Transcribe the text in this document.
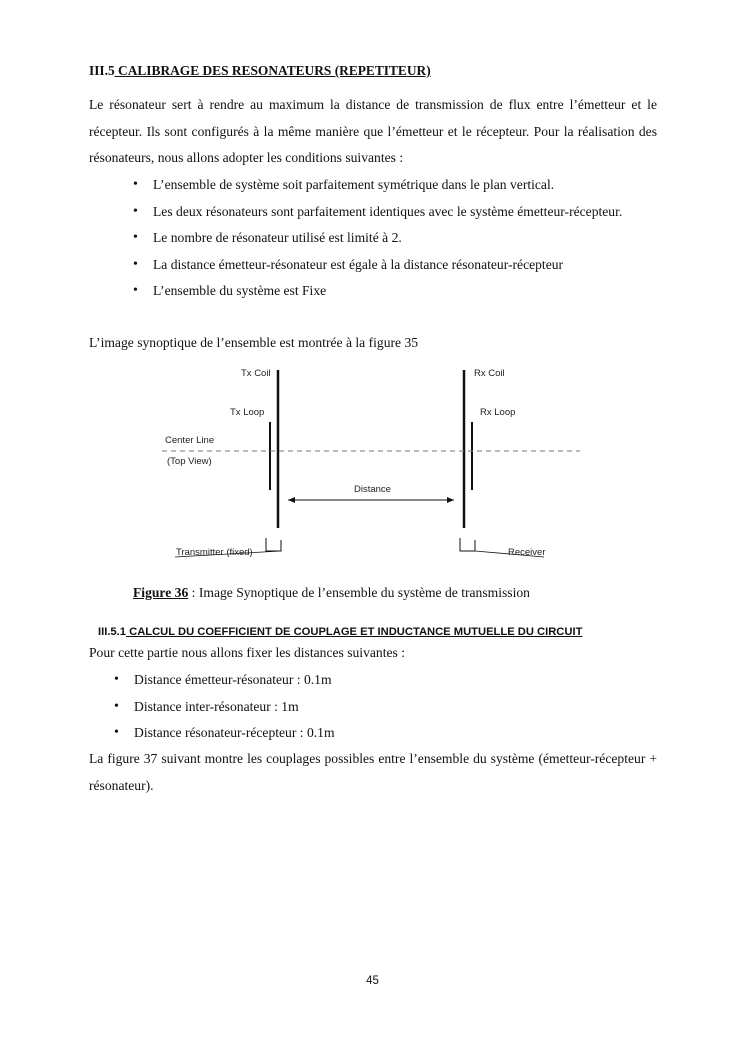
III.5 CALIBRAGE DES RESONATEURS (REPETITEUR)
Le résonateur sert à rendre au maximum la distance de transmission de flux entre l’émetteur et le récepteur. Ils sont configurés à la même manière que l’émetteur et le récepteur. Pour la réalisation des résonateurs, nous allons adopter les conditions suivantes :
• L’ensemble de système soit parfaitement symétrique dans le plan vertical.
• Les deux résonateurs sont parfaitement identiques avec le système émetteur-récepteur.
• Le nombre de résonateur utilisé est limité à 2.
• La distance émetteur-résonateur est égale à la distance résonateur-récepteur
• L’ensemble du système est Fixe
L’image synoptique de l’ensemble est montrée à la figure 35
Tx Coil	Rx Coil
Tx Loop	Rx Loop
Center Line
(Top View)
Distance
Transmitter (fixed)	Receiver
Figure 36 : Image Synoptique de l’ensemble du système de transmission
III.5.1 CALCUL DU COEFFICIENT DE COUPLAGE ET INDUCTANCE MUTUELLE DU CIRCUIT
Pour cette partie nous allons fixer les distances suivantes :
• Distance émetteur-résonateur : 0.1m
• Distance inter-résonateur : 1m
• Distance résonateur-récepteur : 0.1m
La figure 37 suivant montre les couplages possibles entre l’ensemble du système (émetteur-récepteur + résonateur).
45
